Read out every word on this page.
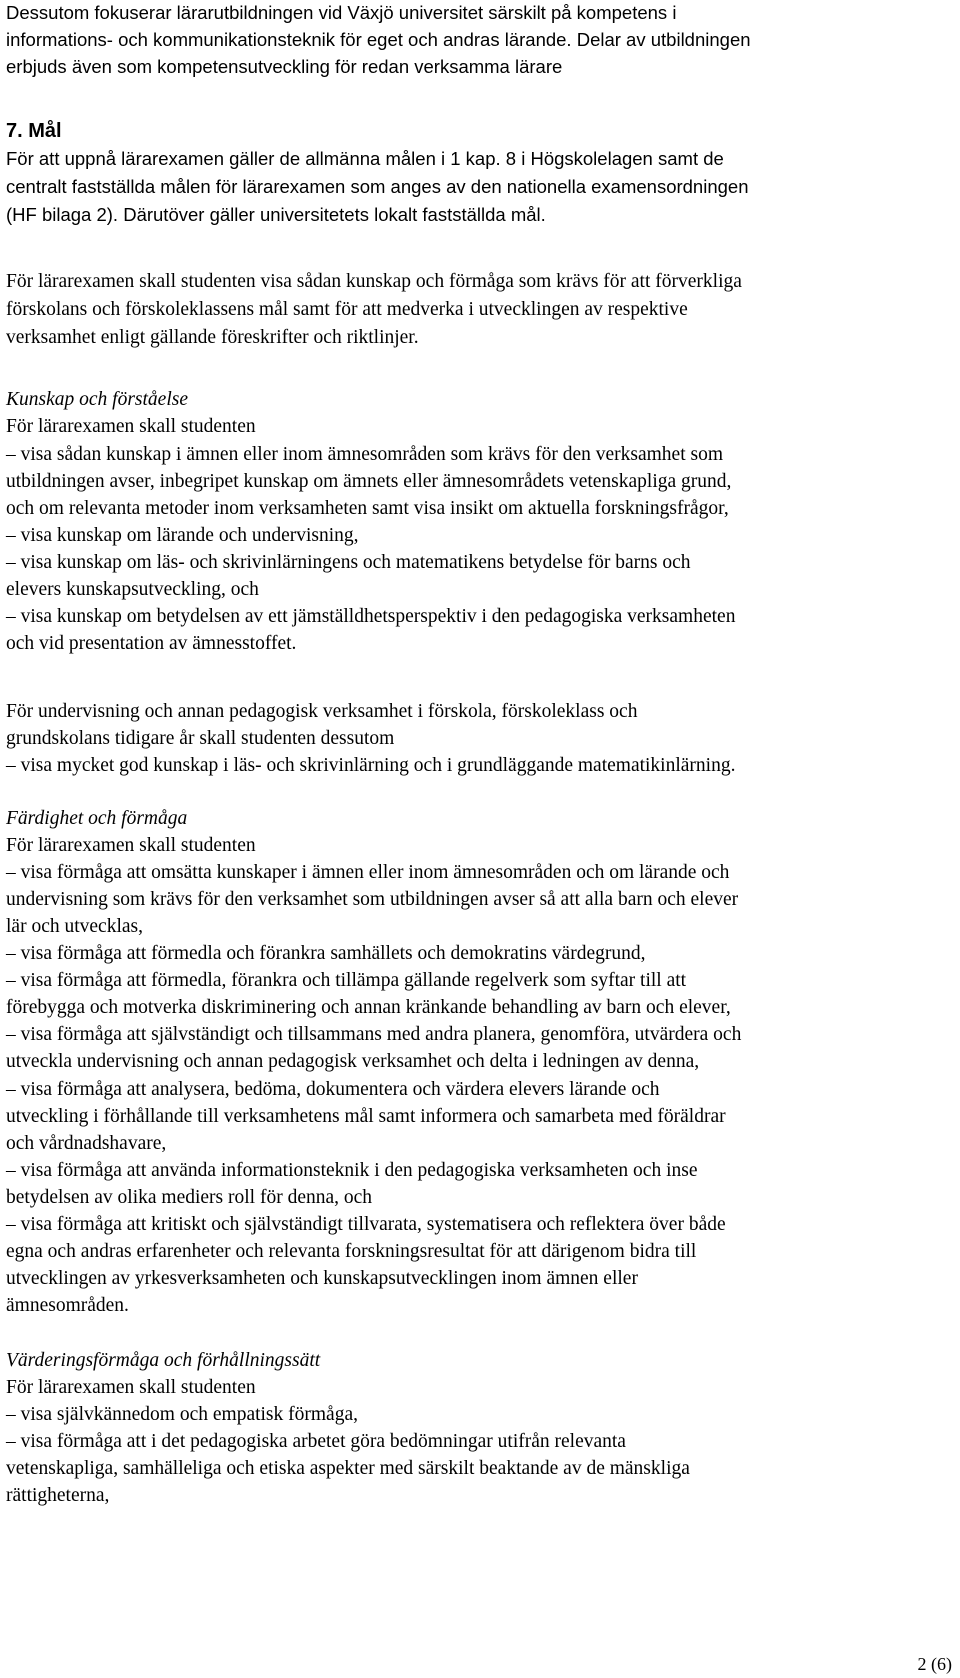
Dessutom fokuserar lärarutbildningen vid Växjö universitet särskilt på kompetens i
informations- och kommunikationsteknik för eget och andras lärande. Delar av utbildningen
erbjuds även som kompetensutveckling för redan verksamma lärare
7. Mål
För att uppnå lärarexamen gäller de allmänna målen i 1 kap. 8 i Högskolelagen samt de
centralt fastställda målen för lärarexamen som anges av den nationella examensordningen
(HF bilaga 2). Därutöver gäller universitetets lokalt fastställda mål.
För lärarexamen skall studenten visa sådan kunskap och förmåga som krävs för att förverkliga
förskolans och förskoleklassens mål samt för att medverka i utvecklingen av respektive
verksamhet enligt gällande föreskrifter och riktlinjer.
Kunskap och förståelse
För lärarexamen skall studenten
– visa sådan kunskap i ämnen eller inom ämnesområden som krävs för den verksamhet som
utbildningen avser, inbegripet kunskap om ämnets eller ämnesområdets vetenskapliga grund,
och om relevanta metoder inom verksamheten samt visa insikt om aktuella forskningsfrågor,
– visa kunskap om lärande och undervisning,
– visa kunskap om läs- och skrivinlärningens och matematikens betydelse för barns och
elevers kunskapsutveckling, och
– visa kunskap om betydelsen av ett jämställdhetsperspektiv i den pedagogiska verksamheten
och vid presentation av ämnesstoffet.
För undervisning och annan pedagogisk verksamhet i förskola, förskoleklass och
grundskolans tidigare år skall studenten dessutom
– visa mycket god kunskap i läs- och skrivinlärning och i grundläggande matematikinlärning.
Färdighet och förmåga
För lärarexamen skall studenten
– visa förmåga att omsätta kunskaper i ämnen eller inom ämnesområden och om lärande och
undervisning som krävs för den verksamhet som utbildningen avser så att alla barn och elever
lär och utvecklas,
– visa förmåga att förmedla och förankra samhällets och demokratins värdegrund,
– visa förmåga att förmedla, förankra och tillämpa gällande regelverk som syftar till att
förebygga och motverka diskriminering och annan kränkande behandling av barn och elever,
– visa förmåga att självständigt och tillsammans med andra planera, genomföra, utvärdera och
utveckla undervisning och annan pedagogisk verksamhet och delta i ledningen av denna,
– visa förmåga att analysera, bedöma, dokumentera och värdera elevers lärande och
utveckling i förhållande till verksamhetens mål samt informera och samarbeta med föräldrar
och vårdnadshavare,
– visa förmåga att använda informationsteknik i den pedagogiska verksamheten och inse
betydelsen av olika mediers roll för denna, och
– visa förmåga att kritiskt och självständigt tillvarata, systematisera och reflektera över både
egna och andras erfarenheter och relevanta forskningsresultat för att därigenom bidra till
utvecklingen av yrkesverksamheten och kunskapsutvecklingen inom ämnen eller
ämnesområden.
Värderingsförmåga och förhållningssätt
För lärarexamen skall studenten
– visa självkännedom och empatisk förmåga,
– visa förmåga att i det pedagogiska arbetet göra bedömningar utifrån relevanta
vetenskapliga, samhälleliga och etiska aspekter med särskilt beaktande av de mänskliga
rättigheterna,
2 (6)
